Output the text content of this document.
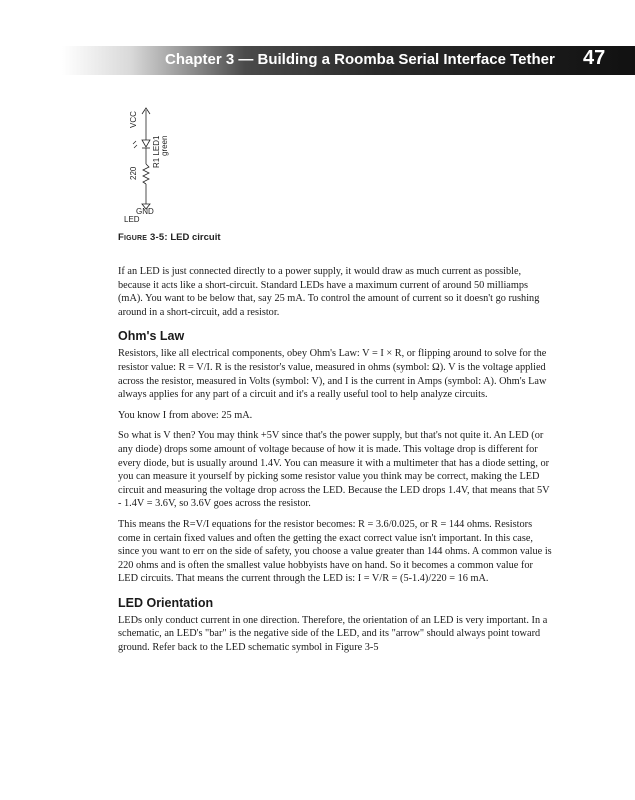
Chapter 3 — Building a Roomba Serial Interface Tether 47
VCC
R1 LED1 green
220
GND
LED
Figure 3-5: LED circuit

If an LED is just connected directly to a power supply, it would draw as much current as possible, because it acts like a short-circuit. Standard LEDs have a maximum current of around 50 milliamps (mA). You want to be below that, say 25 mA. To control the amount of current so it doesn't go rushing around in a short-circuit, add a resistor.

Ohm's Law

Resistors, like all electrical components, obey Ohm's Law: V = I × R, or flipping around to solve for the resistor value: R = V/I. R is the resistor's value, measured in ohms (symbol: Ω). V is the voltage applied across the resistor, measured in Volts (symbol: V), and I is the current in Amps (symbol: A). Ohm's Law always applies for any part of a circuit and it's a really useful tool to help analyze circuits.

You know I from above: 25 mA.

So what is V then? You may think +5V since that's the power supply, but that's not quite it. An LED (or any diode) drops some amount of voltage because of how it is made. This voltage drop is different for every diode, but is usually around 1.4V. You can measure it with a multimeter that has a diode setting, or you can measure it yourself by picking some resistor value you think may be correct, making the LED circuit and measuring the voltage drop across the LED. Because the LED drops 1.4V, that means that 5V - 1.4V = 3.6V, so 3.6V goes across the resistor.

This means the R=V/I equations for the resistor becomes: R = 3.6/0.025, or R = 144 ohms. Resistors come in certain fixed values and often the getting the exact correct value isn't important. In this case, since you want to err on the side of safety, you choose a value greater than 144 ohms. A common value is 220 ohms and is often the smallest value hobbyists have on hand. So it becomes a common value for LED circuits. That means the current through the LED is: I = V/R = (5-1.4)/220 = 16 mA.

LED Orientation

LEDs only conduct current in one direction. Therefore, the orientation of an LED is very important. In a schematic, an LED's "bar" is the negative side of the LED, and its "arrow" should always point toward ground. Refer back to the LED schematic symbol in Figure 3-5
